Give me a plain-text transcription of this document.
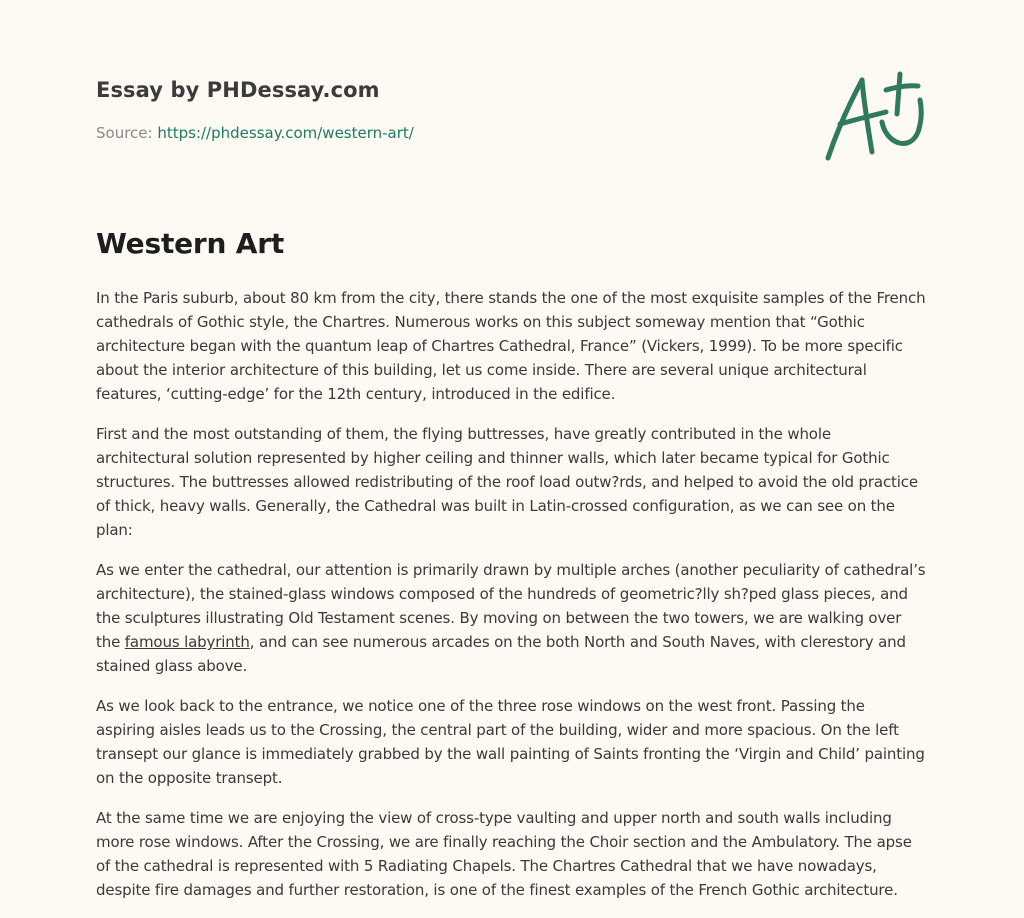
Essay by PHDessay.com
Source: https://phdessay.com/western-art/
Western Art

In the Paris suburb, about 80 km from the city, there stands the one of the most exquisite samples of the French cathedrals of Gothic style, the Chartres. Numerous works on this subject someway mention that “Gothic architecture began with the quantum leap of Chartres Cathedral, France” (Vickers, 1999). To be more specific about the interior architecture of this building, let us come inside. There are several unique architectural features, ‘cutting-edge’ for the 12th century, introduced in the edifice.

First and the most outstanding of them, the flying buttresses, have greatly contributed in the whole architectural solution represented by higher ceiling and thinner walls, which later became typical for Gothic structures. The buttresses allowed redistributing of the roof load outw?rds, and helped to avoid the old practice of thick, heavy walls. Generally, the Cathedral was built in Latin-crossed configuration, as we can see on the plan:

As we enter the cathedral, our attention is primarily drawn by multiple arches (another peculiarity of cathedral’s architecture), the stained-glass windows composed of the hundreds of geometric?lly sh?ped glass pieces, and the sculptures illustrating Old Testament scenes. By moving on between the two towers, we are walking over the famous labyrinth, and can see numerous arcades on the both North and South Naves, with clerestory and stained glass above.

As we look back to the entrance, we notice one of the three rose windows on the west front. Passing the aspiring aisles leads us to the Crossing, the central part of the building, wider and more spacious. On the left transept our glance is immediately grabbed by the wall painting of Saints fronting the ‘Virgin and Child’ painting on the opposite transept.

At the same time we are enjoying the view of cross-type vaulting and upper north and south walls including more rose windows. After the Crossing, we are finally reaching the Choir section and the Ambulatory. The apse of the cathedral is represented with 5 Radiating Chapels. The Chartres Cathedral that we have nowadays, despite fire damages and further restoration, is one of the finest examples of the French Gothic architecture.
